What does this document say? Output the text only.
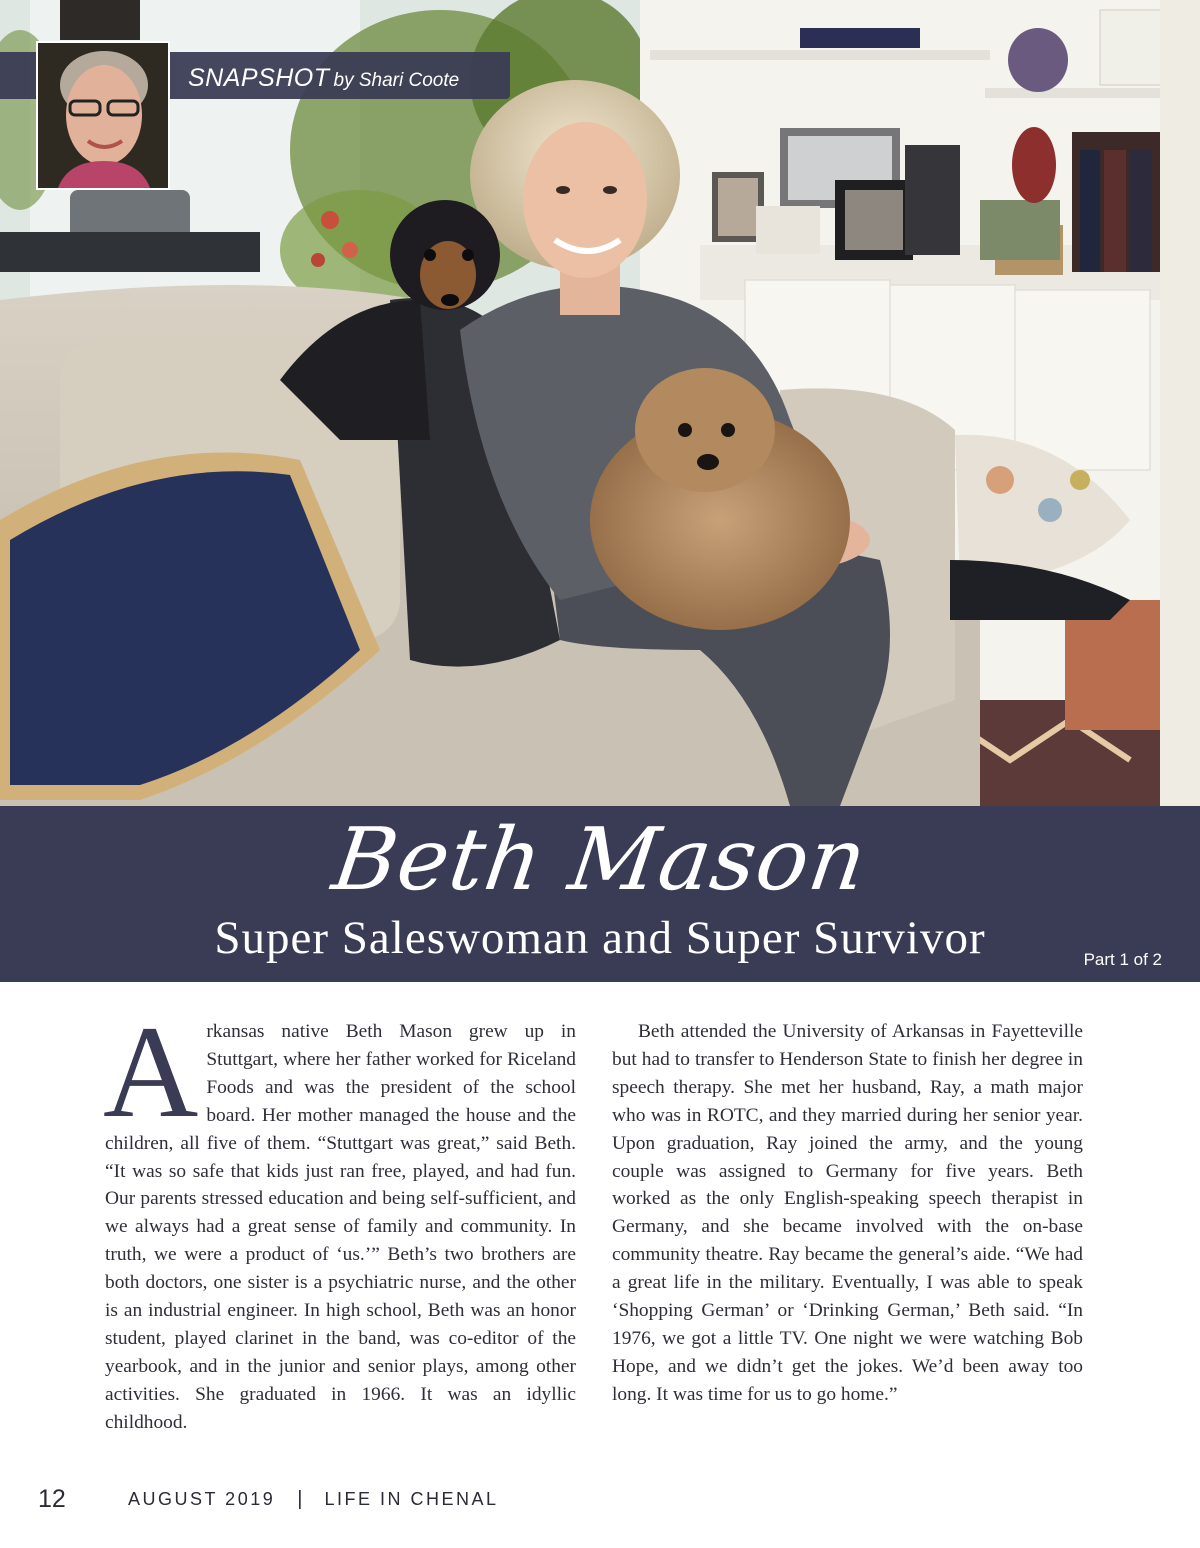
SNAPSHOT by Shari Coote
Beth Mason
Super Saleswoman and Super Survivor	Part 1 of 2
A rkansas native Beth Mason grew up in Stuttgart, where her father worked for Riceland Foods and was the president of the school board. Her mother managed the house and the children, all five of them. “Stuttgart was great,” said Beth. “It was so safe that kids just ran free, played, and had fun. Our parents stressed education and being self-sufficient, and we always had a great sense of family and community. In truth, we were a product of ‘us.’” Beth’s two brothers are both doctors, one sister is a psychiatric nurse, and the other is an industrial engineer. In high school, Beth was an honor student, played clarinet in the band, was co-editor of the yearbook, and in the junior and senior plays, among other activities. She graduated in 1966. It was an idyllic childhood.

Beth attended the University of Arkansas in Fayetteville but had to transfer to Henderson State to finish her degree in speech therapy. She met her husband, Ray, a math major who was in ROTC, and they married during her senior year. Upon graduation, Ray joined the army, and the young couple was assigned to Germany for five years. Beth worked as the only English-speaking speech therapist in Germany, and she became involved with the on-base community theatre. Ray became the general’s aide. “We had a great life in the military. Eventually, I was able to speak ‘Shopping German’ or ‘Drinking German,’ Beth said. “In 1976, we got a little TV. One night we were watching Bob Hope, and we didn’t get the jokes. We’d been away too long. It was time for us to go home.”

12	AUGUST 2019 | LIFE IN CHENAL
